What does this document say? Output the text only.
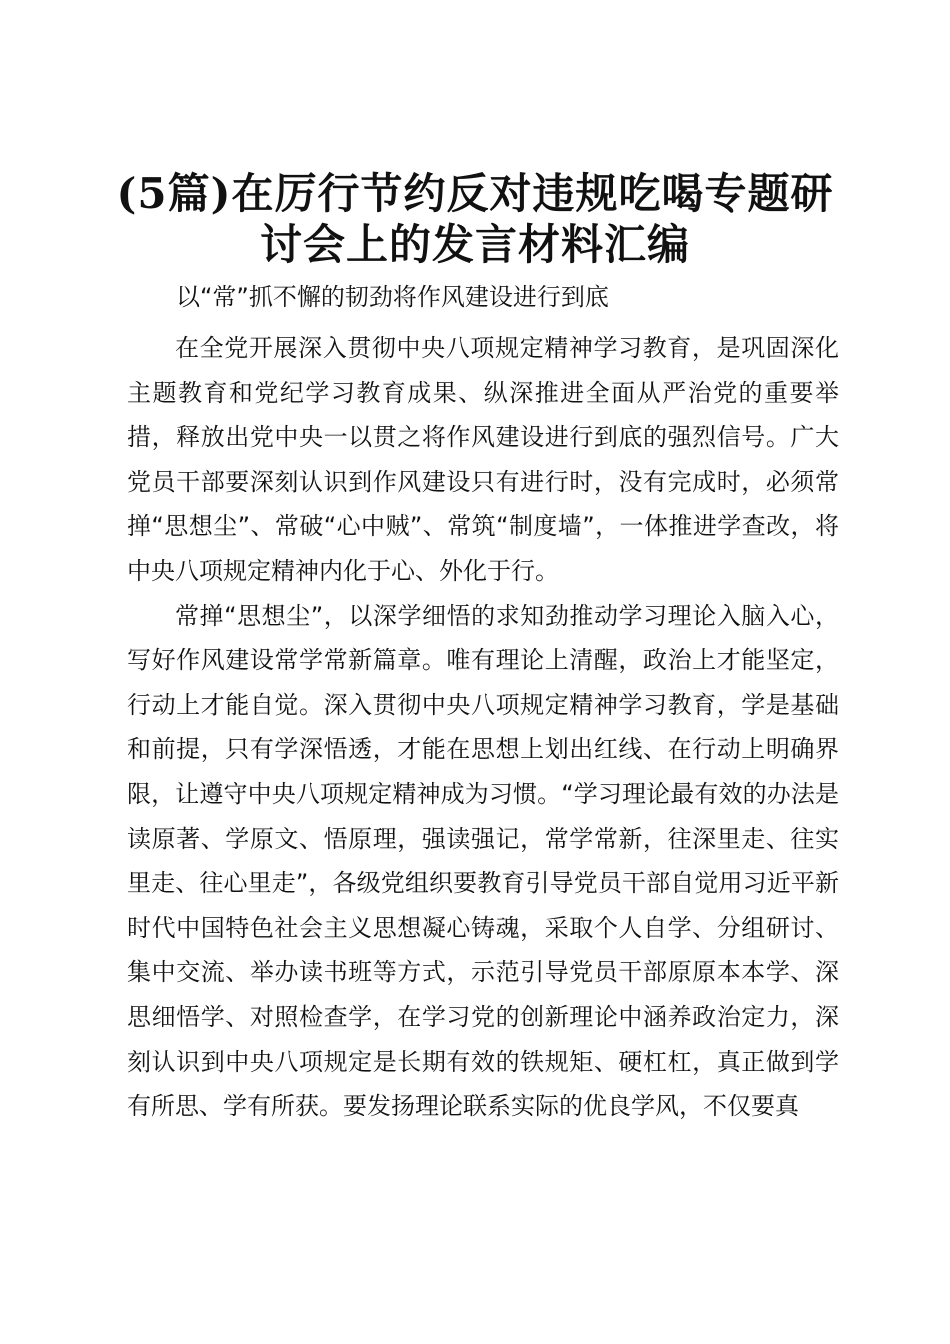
(5篇)在厉行节约反对违规吃喝专题研讨会上的发言材料汇编

以“常”抓不懈的韧劲将作风建设进行到底

在全党开展深入贯彻中央八项规定精神学习教育，是巩固深化主题教育和党纪学习教育成果、纵深推进全面从严治党的重要举措，释放出党中央一以贯之将作风建设进行到底的强烈信号。广大党员干部要深刻认识到作风建设只有进行时，没有完成时，必须常掸“思想尘”、常破“心中贼”、常筑“制度墙”，一体推进学查改，将中央八项规定精神内化于心、外化于行。

常掸“思想尘”，以深学细悟的求知劲推动学习理论入脑入心，写好作风建设常学常新篇章。唯有理论上清醒，政治上才能坚定，行动上才能自觉。深入贯彻中央八项规定精神学习教育，学是基础和前提，只有学深悟透，才能在思想上划出红线、在行动上明确界限，让遵守中央八项规定精神成为习惯。“学习理论最有效的办法是读原著、学原文、悟原理，强读强记，常学常新，往深里走、往实里走、往心里走”，各级党组织要教育引导党员干部自觉用习近平新时代中国特色社会主义思想凝心铸魂，采取个人自学、分组研讨、集中交流、举办读书班等方式，示范引导党员干部原原本本学、深思细悟学、对照检查学，在学习党的创新理论中涵养政治定力，深刻认识到中央八项规定是长期有效的铁规矩、硬杠杠，真正做到学有所思、学有所获。要发扬理论联系实际的优良学风，不仅要真
